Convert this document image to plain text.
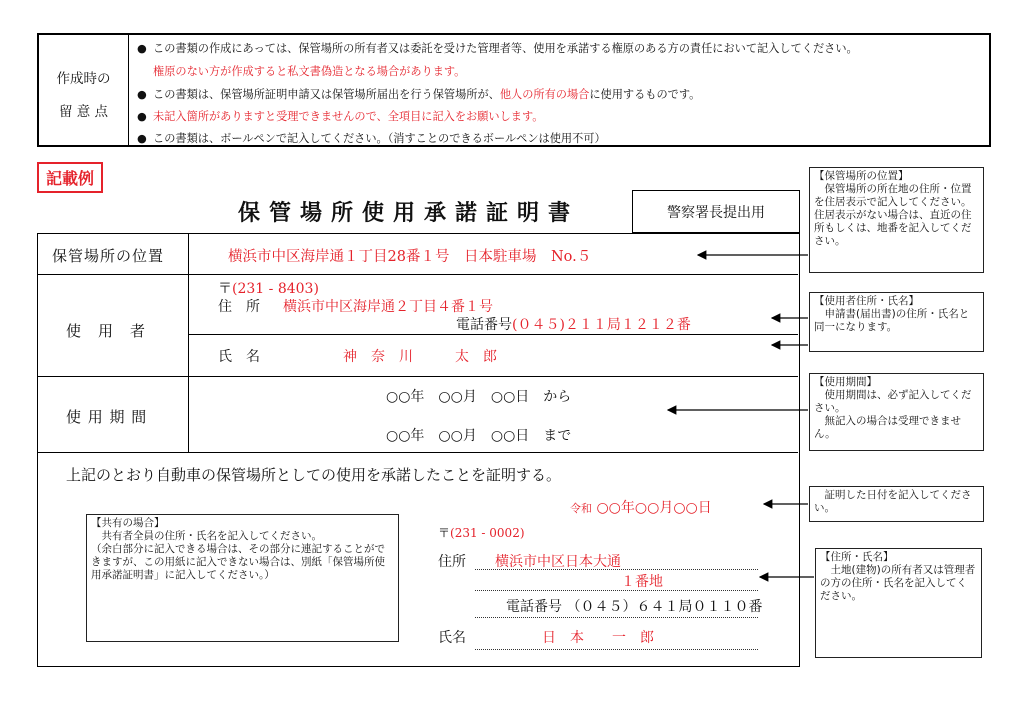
作成時の
留 意 点
● この書類の作成にあっては、保管場所の所有者又は委託を受けた管理者等、使用を承諾する権原のある方の責任において記入してください。
権原のない方が作成すると私文書偽造となる場合があります。
● この書類は、保管場所証明申請又は保管場所届出を行う保管場所が、他人の所有の場合に使用するものです。
● 未記入箇所がありますと受理できませんので、全項目に記入をお願いします。
● この書類は、ボールペンで記入してください。（消すことのできるボールペンは使用不可）
記載例
保管場所使用承諾証明書	警察署長提出用
保管場所の位置	横浜市中区海岸通１丁目28番１号　日本駐車場　No.５
使　用　者
〒(231 - 8403)
住　所 横浜市中区海岸通２丁目４番１号
電話番号(０４５)２１１局１２１２番
氏　名	神　奈　川　　　太　郎
使 用 期 間
○○年　○○月　○○日　から
○○年　○○月　○○日　まで
上記のとおり自動車の保管場所としての使用を承諾したことを証明する。
令和 ○○年○○月○○日
【共有の場合】
　共有者全員の住所・氏名を記入してください。
（余白部分に記入できる場合は、その部分に連記することができますが、この用紙に記入できない場合は、別紙「保管場所使用承諾証明書」に記入してください。）
〒(231 - 0002)
住所 横浜市中区日本大通
１番地
電話番号 （０４５）６４１局０１１０番
氏名	日　本　　一　郎
【保管場所の位置】
　保管場所の所在地の住所・位置を住居表示で記入してください。
住居表示がない場合は、直近の住所もしくは、地番を記入してください。
【使用者住所・氏名】
　申請書(届出書)の住所・氏名と同一になります。
【使用期間】
　使用期間は、必ず記入してください。
　無記入の場合は受理できません。
　証明した日付を記入してください。
【住所・氏名】
　土地(建物)の所有者又は管理者の方の住所・氏名を記入してください。
